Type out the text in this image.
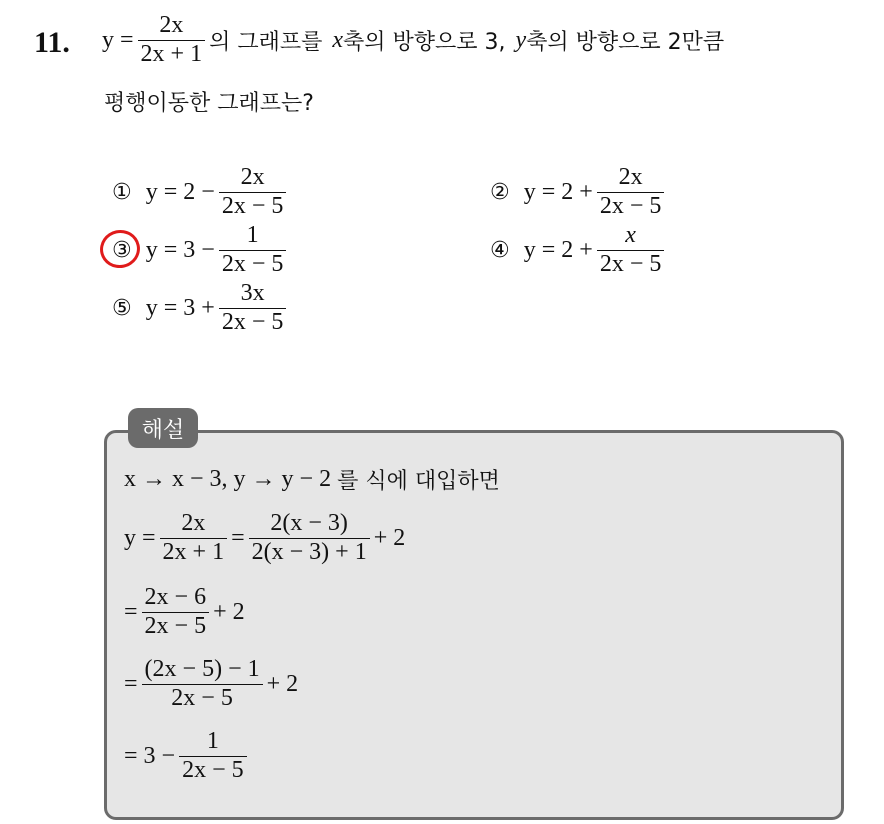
11. $y = \frac{2x}{2x + 1}$ 의 그래프를 x 축의 방향으로 3, y 축의 방향으로 2만큼
평행이동한 그래프는?
① $y = 2 - \frac{2x}{2x - 5}$	② $y = 2 + \frac{2x}{2x - 5}$
③ $y = 3 - \frac{1}{2x - 5}$	④ $y = 2 + \frac{x}{2x - 5}$
⑤ $y = 3 + \frac{3x}{2x - 5}$
해설
x → x − 3, y → y − 2 를 식에 대입하면
$y = \frac{2x}{2x + 1} = \frac{2(x - 3)}{2(x - 3) + 1} + 2$
= $\frac{2x - 6}{2x - 5} + 2$
= $\frac{(2x - 5) - 1}{2x - 5} + 2$
= $3 - \frac{1}{2x - 5}$
